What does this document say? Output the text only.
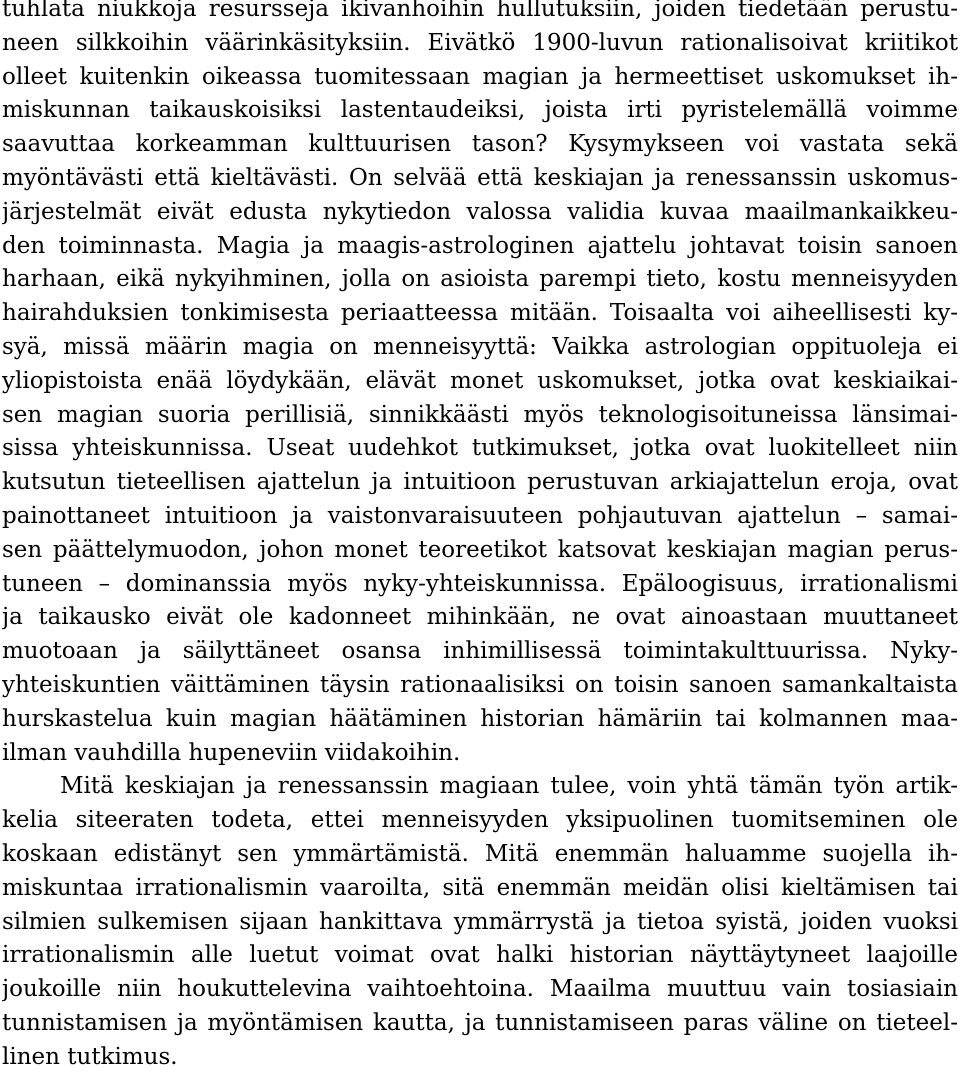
tuhlata niukkoja resursseja ikivanhoihin hullutuksiin, joiden tiedetään perustu-
neen silkkoihin väärinkäsityksiin. Eivätkö 1900-luvun rationalisoivat kriitikot
olleet kuitenkin oikeassa tuomitessaan magian ja hermeettiset uskomukset ih-
miskunnan taikauskoisiksi lastentaudeiksi, joista irti pyristelemällä voimme
saavuttaa korkeamman kulttuurisen tason? Kysymykseen voi vastata sekä
myöntävästi että kieltävästi. On selvää että keskiajan ja renessanssin uskomus-
järjestelmät eivät edusta nykytiedon valossa validia kuvaa maailmankaikkeu-
den toiminnasta. Magia ja maagis-astrologinen ajattelu johtavat toisin sanoen
harhaan, eikä nykyihminen, jolla on asioista parempi tieto, kostu menneisyyden
hairahduksien tonkimisesta periaatteessa mitään. Toisaalta voi aiheellisesti ky-
syä, missä määrin magia on menneisyyttä: Vaikka astrologian oppituoleja ei
yliopistoista enää löydykään, elävät monet uskomukset, jotka ovat keskiaikai-
sen magian suoria perillisiä, sinnikkäästi myös teknologisoituneissa länsimai-
sissa yhteiskunnissa. Useat uudehkot tutkimukset, jotka ovat luokitelleet niin
kutsutun tieteellisen ajattelun ja intuitioon perustuvan arkiajattelun eroja, ovat
painottaneet intuitioon ja vaistonvaraisuuteen pohjautuvan ajattelun – samai-
sen päättelymuodon, johon monet teoreetikot katsovat keskiajan magian perus-
tuneen – dominanssia myös nyky-yhteiskunnissa. Epäloogisuus, irrationalismi
ja taikausko eivät ole kadonneet mihinkään, ne ovat ainoastaan muuttaneet
muotoaan ja säilyttäneet osansa inhimillisessä toimintakulttuurissa. Nyky-
yhteiskuntien väittäminen täysin rationaalisiksi on toisin sanoen samankaltaista
hurskastelua kuin magian häätäminen historian hämäriin tai kolmannen maa-
ilman vauhdilla hupeneviin viidakoihin.
Mitä keskiajan ja renessanssin magiaan tulee, voin yhtä tämän työn artik-
kelia siteeraten todeta, ettei menneisyyden yksipuolinen tuomitseminen ole
koskaan edistänyt sen ymmärtämistä. Mitä enemmän haluamme suojella ih-
miskuntaa irrationalismin vaaroilta, sitä enemmän meidän olisi kieltämisen tai
silmien sulkemisen sijaan hankittava ymmärrystä ja tietoa syistä, joiden vuoksi
irrationalismin alle luetut voimat ovat halki historian näyttäytyneet laajoille
joukoille niin houkuttelevina vaihtoehtoina. Maailma muuttuu vain tosiasiain
tunnistamisen ja myöntämisen kautta, ja tunnistamiseen paras väline on tieteel-
linen tutkimus.
